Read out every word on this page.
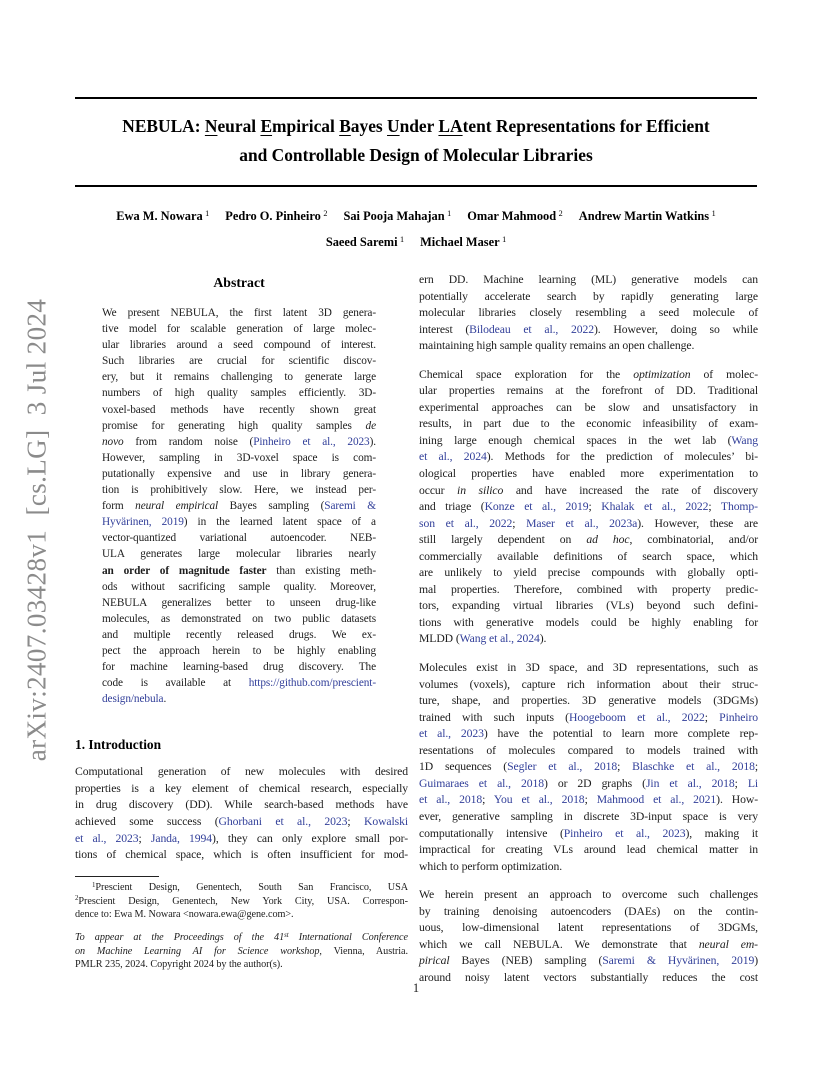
arXiv:2407.03428v1  [cs.LG]  3 Jul 2024
NEBULA: Neural Empirical Bayes Under LAtent Representations for Efficient
and Controllable Design of Molecular Libraries
Ewa M. Nowara $^1$ Pedro O. Pinheiro $^2$ Sai Pooja Mahajan $^1$ Omar Mahmood $^2$ Andrew Martin Watkins $^1$
Saeed Saremi $^1$ Michael Maser $^1$
Abstract
We present NEBULA, the first latent 3D genera-
tive model for scalable generation of large molec-
ular libraries around a seed compound of interest.
Such libraries are crucial for scientific discov-
ery, but it remains challenging to generate large
numbers of high quality samples efficiently. 3D-
voxel-based methods have recently shown great
promise for generating high quality samples de
novo from random noise (Pinheiro et al., 2023).
However, sampling in 3D-voxel space is com-
putationally expensive and use in library genera-
tion is prohibitively slow. Here, we instead per-
form neural empirical Bayes sampling (Saremi &
Hyvärinen, 2019) in the learned latent space of a
vector-quantized variational autoencoder. NEB-
ULA generates large molecular libraries nearly
an order of magnitude faster than existing meth-
ods without sacrificing sample quality. Moreover,
NEBULA generalizes better to unseen drug-like
molecules, as demonstrated on two public datasets
and multiple recently released drugs. We ex-
pect the approach herein to be highly enabling
for machine learning-based drug discovery. The
code is available at https://github.com/prescient-
design/nebula.
1. Introduction
Computational generation of new molecules with desired
properties is a key element of chemical research, especially
in drug discovery (DD). While search-based methods have
achieved some success (Ghorbani et al., 2023; Kowalski
et al., 2023; Janda, 1994), they can only explore small por-
tions of chemical space, which is often insufficient for mod-
$^1$Prescient Design, Genentech, South San Francisco, USA
$^2$Prescient Design, Genentech, New York City, USA. Correspon-
dence to: Ewa M. Nowara <nowara.ewa@gene.com>.
To appear at the Proceedings of the 41st International Conference
on Machine Learning AI for Science workshop, Vienna, Austria.
PMLR 235, 2024. Copyright 2024 by the author(s).
ern DD. Machine learning (ML) generative models can
potentially accelerate search by rapidly generating large
molecular libraries closely resembling a seed molecule of
interest (Bilodeau et al., 2022). However, doing so while
maintaining high sample quality remains an open challenge.
Chemical space exploration for the optimization of molec-
ular properties remains at the forefront of DD. Traditional
experimental approaches can be slow and unsatisfactory in
results, in part due to the economic infeasibility of exam-
ining large enough chemical spaces in the wet lab (Wang
et al., 2024). Methods for the prediction of molecules’ bi-
ological properties have enabled more experimentation to
occur in silico and have increased the rate of discovery
and triage (Konze et al., 2019; Khalak et al., 2022; Thomp-
son et al., 2022; Maser et al., 2023a). However, these are
still largely dependent on ad hoc, combinatorial, and/or
commercially available definitions of search space, which
are unlikely to yield precise compounds with globally opti-
mal properties. Therefore, combined with property predic-
tors, expanding virtual libraries (VLs) beyond such defini-
tions with generative models could be highly enabling for
MLDD (Wang et al., 2024).
Molecules exist in 3D space, and 3D representations, such as
volumes (voxels), capture rich information about their struc-
ture, shape, and properties. 3D generative models (3DGMs)
trained with such inputs (Hoogeboom et al., 2022; Pinheiro
et al., 2023) have the potential to learn more complete rep-
resentations of molecules compared to models trained with
1D sequences (Segler et al., 2018; Blaschke et al., 2018;
Guimaraes et al., 2018) or 2D graphs (Jin et al., 2018; Li
et al., 2018; You et al., 2018; Mahmood et al., 2021). How-
ever, generative sampling in discrete 3D-input space is very
computationally intensive (Pinheiro et al., 2023), making it
impractical for creating VLs around lead chemical matter in
which to perform optimization.
We herein present an approach to overcome such challenges
by training denoising autoencoders (DAEs) on the contin-
uous, low-dimensional latent representations of 3DGMs,
which we call NEBULA. We demonstrate that neural em-
pirical Bayes (NEB) sampling (Saremi & Hyvärinen, 2019)
around noisy latent vectors substantially reduces the cost
1
